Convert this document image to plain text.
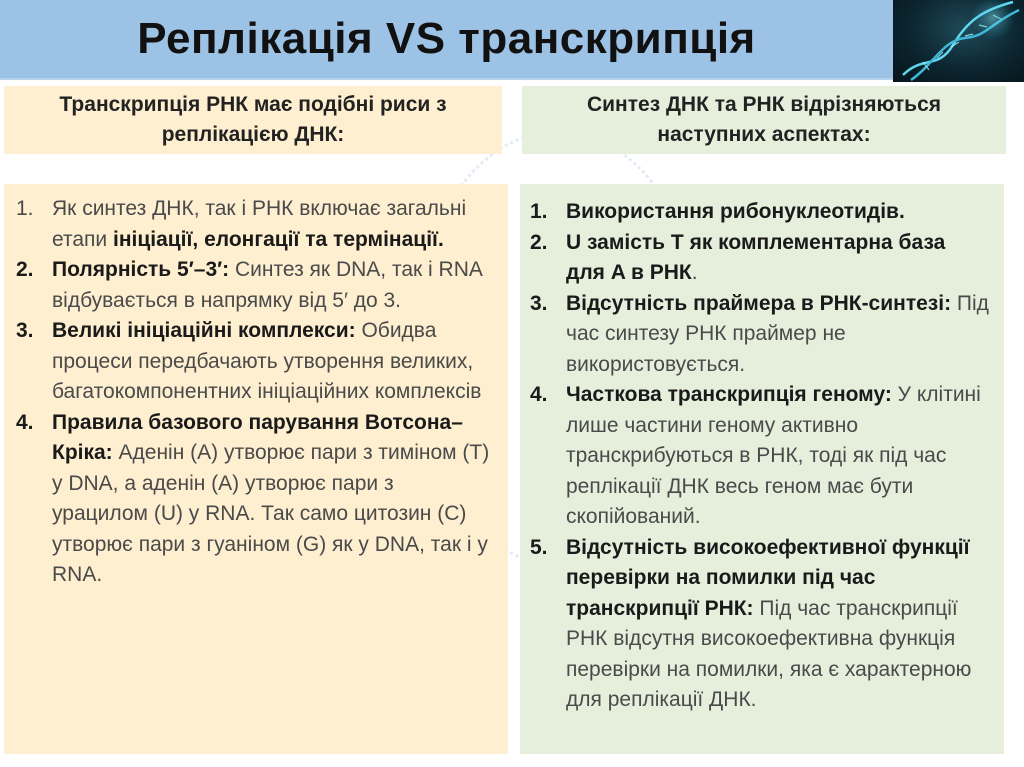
Реплікація VS транскрипція
Транскрипція РНК має подібні риси з реплікацією ДНК:
Синтез ДНК та РНК відрізняються наступних аспектах:
1. Як синтез ДНК, так і РНК включає загальні етапи ініціації, елонгації та термінації.
2. Полярність 5′–3′: Синтез як DNA, так і RNA відбувається в напрямку від 5′ до 3.
3. Великі ініціаційні комплекси: Обидва процеси передбачають утворення великих, багатокомпонентних ініціаційних комплексів
4. Правила базового парування Вотсона–Кріка: Аденін (A) утворює пари з тиміном (T) у DNA, а аденін (A) утворює пари з урацилом (U) у RNA. Так само цитозин (C) утворює пари з гуаніном (G) як у DNA, так і у RNA.
1. Використання рибонуклеотидів.
2. U замість T як комплементарна база для A в РНК.
3. Відсутність праймера в РНК-синтезі: Під час синтезу РНК праймер не використовується.
4. Часткова транскрипція геному: У клітині лише частини геному активно транскрибуються в РНК, тоді як під час реплікації ДНК весь геном має бути скопійований.
5. Відсутність високоефективної функції перевірки на помилки під час транскрипції РНК: Під час транскрипції РНК відсутня високоефективна функція перевірки на помилки, яка є характерною для реплікації ДНК.
